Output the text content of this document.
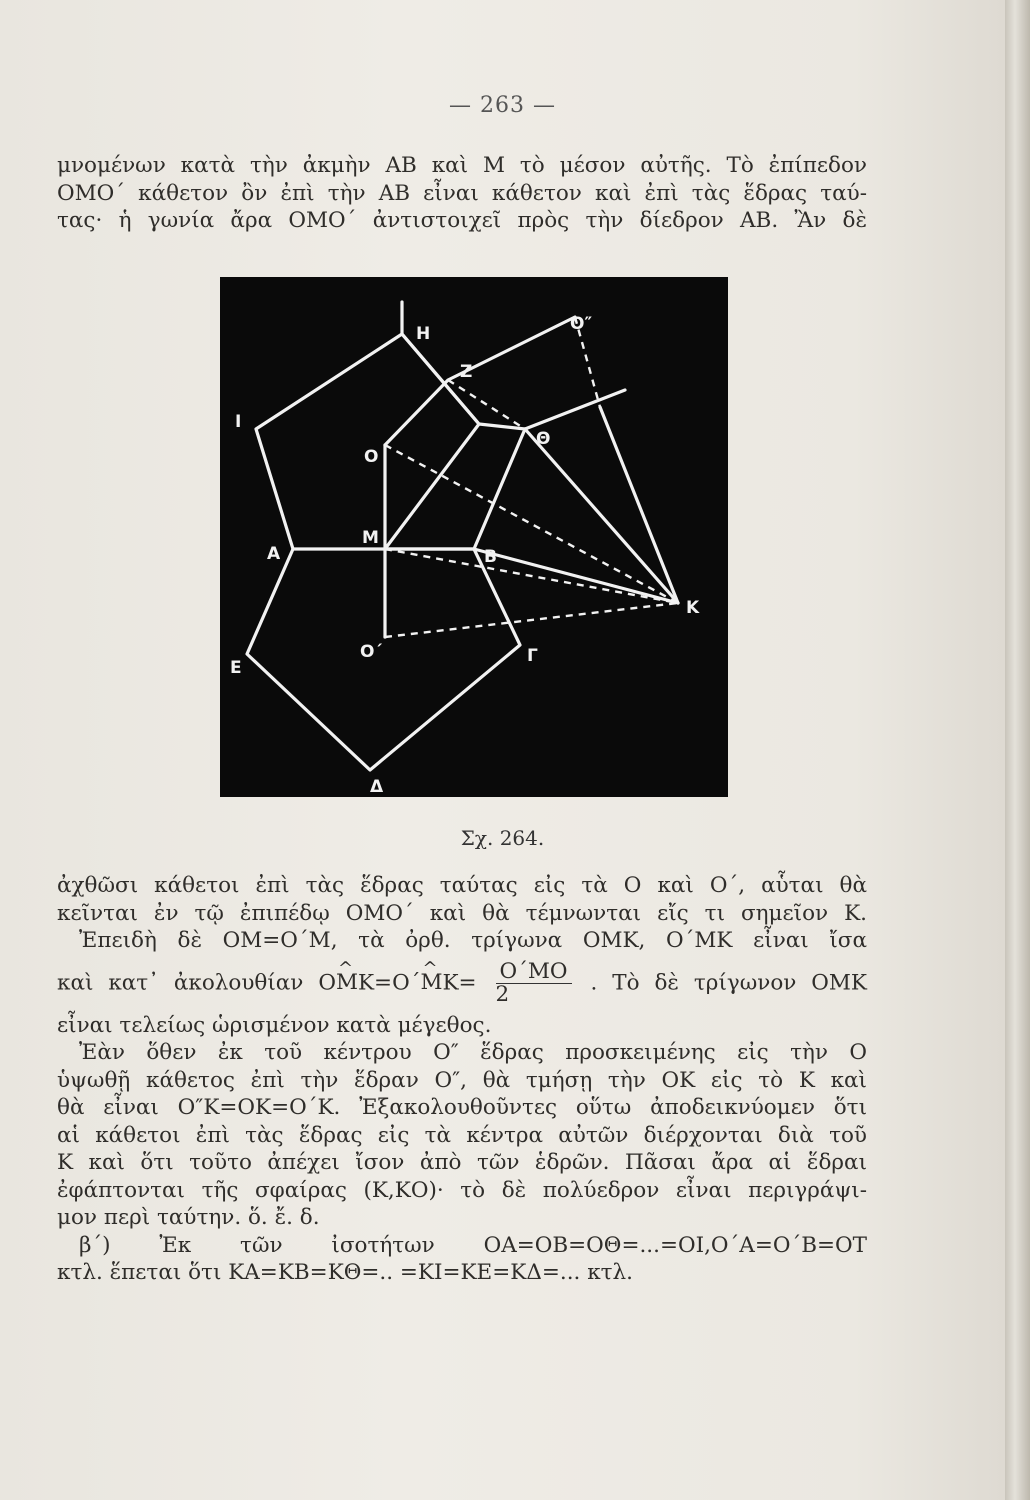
— 263 —

μνομένων κατὰ τὴν ἀκμὴν ΑΒ καὶ Μ τὸ μέσον αὐτῆς. Τὸ ἐπίπεδον

ΟΜΟ΄ κάθετον ὂν ἐπὶ τὴν ΑΒ εἶναι κάθετον καὶ ἐπὶ τὰς ἕδρας ταύ-

τας· ἡ γωνία ἄρα ΟΜΟ΄ ἀντιστοιχεῖ πρὸς τὴν δίεδρον ΑΒ. Ἂν δὲ

Η	Ο″
Ζ
Ι
Ο
Θ
Α
Μ
Β
Κ
Ε
Ο΄	Γ
Δ
Σχ. 264.

ἀχθῶσι κάθετοι ἐπὶ τὰς ἕδρας ταύτας εἰς τὰ Ο καὶ Ο΄, αὗται θὰ

κεῖνται ἐν τῷ ἐπιπέδῳ ΟΜΟ΄ καὶ θὰ τέμνωνται εἴς τι σημεῖον Κ.

Ἐπειδὴ δὲ ΟΜ=Ο΄Μ, τὰ ὀρθ. τρίγωνα ΟΜΚ, Ο΄ΜΚ εἶναι ἴσα

καὶ κατ᾽ ἀκολουθίαν Ο^ ΜΚ=Ο΄^ $MK= \frac{O΄MO}{2}$ . Τὸ δὲ τρίγωνον ΟΜΚ

εἶναι τελείως ὡρισμένον κατὰ μέγεθος.

Ἐὰν ὅθεν ἐκ τοῦ κέντρου Ο″ ἕδρας προσκειμένης εἰς τὴν Ο

ὑψωθῇ κάθετος ἐπὶ τὴν ἕδραν Ο″, θὰ τμήσῃ τὴν ΟΚ εἰς τὸ Κ καὶ

θὰ εἶναι Ο″Κ=ΟΚ=Ο΄Κ. Ἐξακολουθοῦντες οὕτω ἀποδεικνύομεν ὅτι

αἱ κάθετοι ἐπὶ τὰς ἕδρας εἰς τὰ κέντρα αὐτῶν διέρχονται διὰ τοῦ

Κ καὶ ὅτι τοῦτο ἀπέχει ἴσον ἀπὸ τῶν ἑδρῶν. Πᾶσαι ἄρα αἱ ἕδραι

ἐφάπτονται τῆς σφαίρας (Κ,ΚΟ)· τὸ δὲ πολύεδρον εἶναι περιγράψι-

μον περὶ ταύτην. ὅ. ἔ. δ.

β΄) Ἐκ τῶν ἰσοτήτων ΟΑ=ΟΒ=ΟΘ=...=ΟΙ,Ο΄Α=Ο΄Β=ΟΤ

κτλ. ἕπεται ὅτι ΚΑ=ΚΒ=ΚΘ=.. =ΚΙ=ΚΕ=ΚΔ=... κτλ.
